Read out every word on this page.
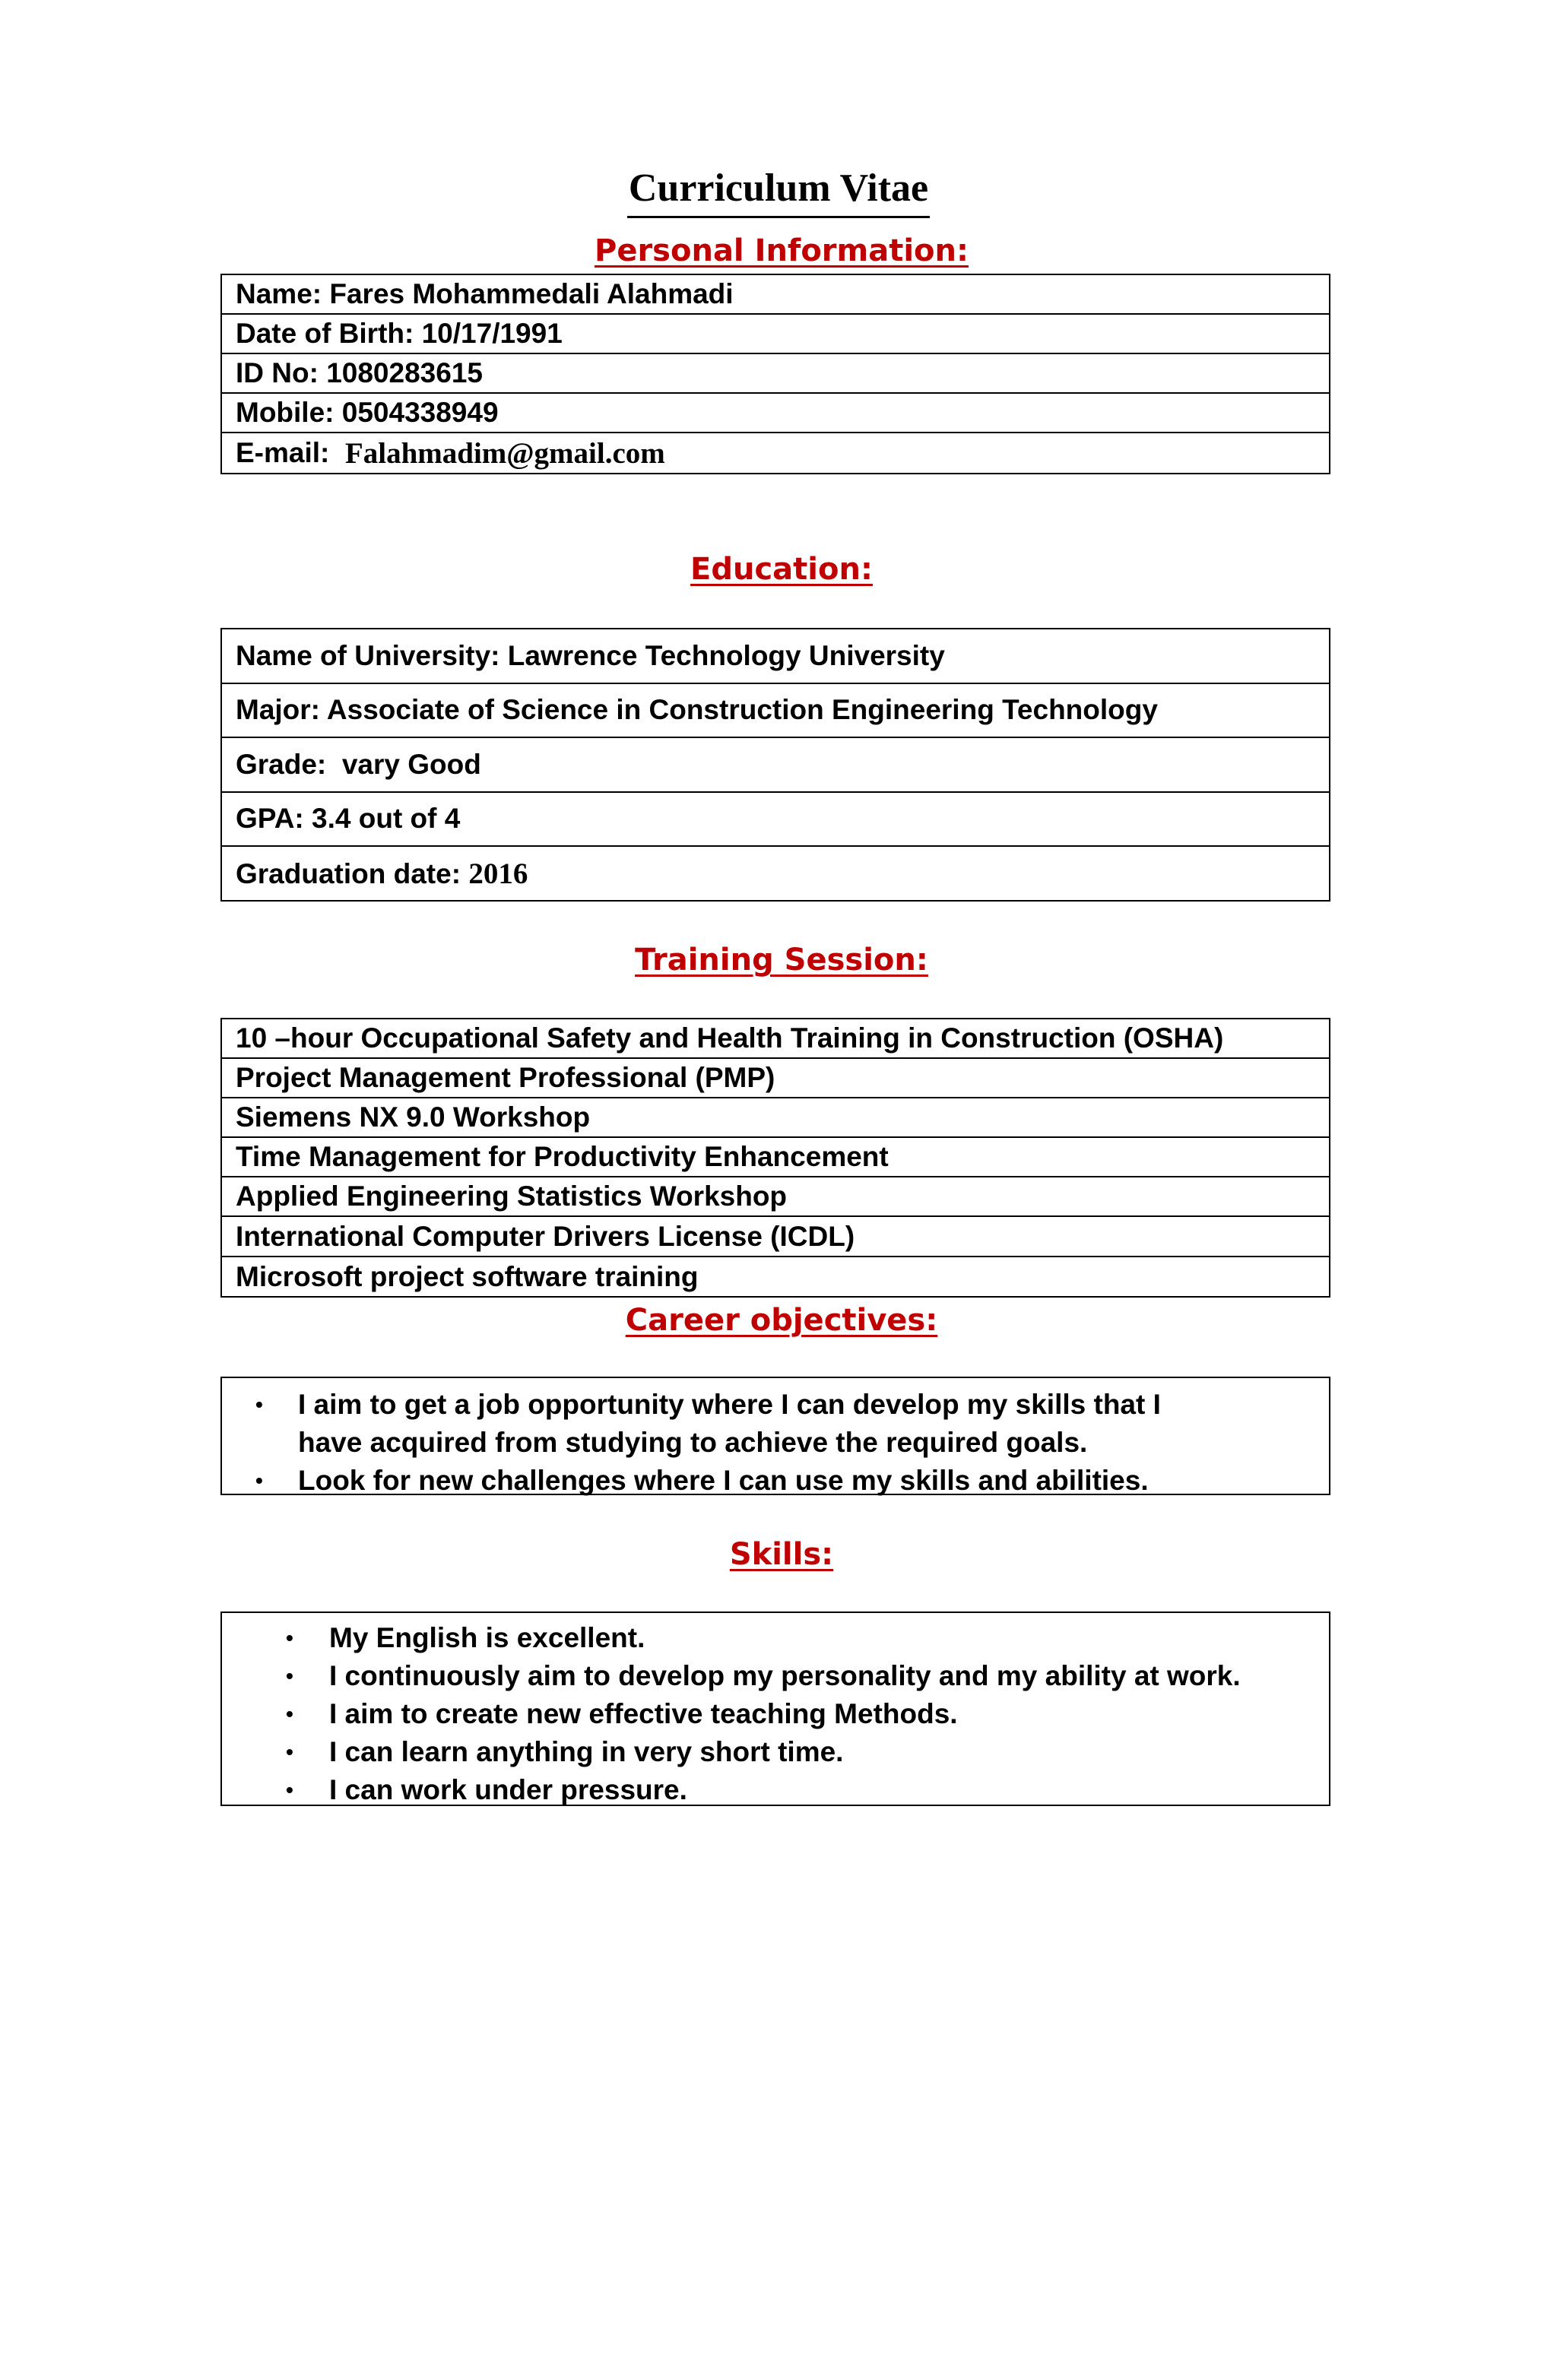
Curriculum Vitae
Personal Information:
Name: Fares Mohammedali Alahmadi
Date of Birth: 10/17/1991
ID No: 1080283615
Mobile: 0504338949
E-mail: Falahmadim@gmail.com
Education:
Name of University: Lawrence Technology University
Major: Associate of Science in Construction Engineering Technology
Grade:  vary Good
GPA: 3.4 out of 4
Graduation date: 2016
Training Session:
10 –hour Occupational Safety and Health Training in Construction (OSHA)
Project Management Professional (PMP)
Siemens NX 9.0 Workshop
Time Management for Productivity Enhancement
Applied Engineering Statistics Workshop
International Computer Drivers License (ICDL)
Microsoft project software training
Career objectives:
• I aim to get a job opportunity where I can develop my skills that I have acquired from studying to achieve the required goals.
• Look for new challenges where I can use my skills and abilities.
Skills:
• My English is excellent.
• I continuously aim to develop my personality and my ability at work.
• I aim to create new effective teaching Methods.
• I can learn anything in very short time.
• I can work under pressure.
